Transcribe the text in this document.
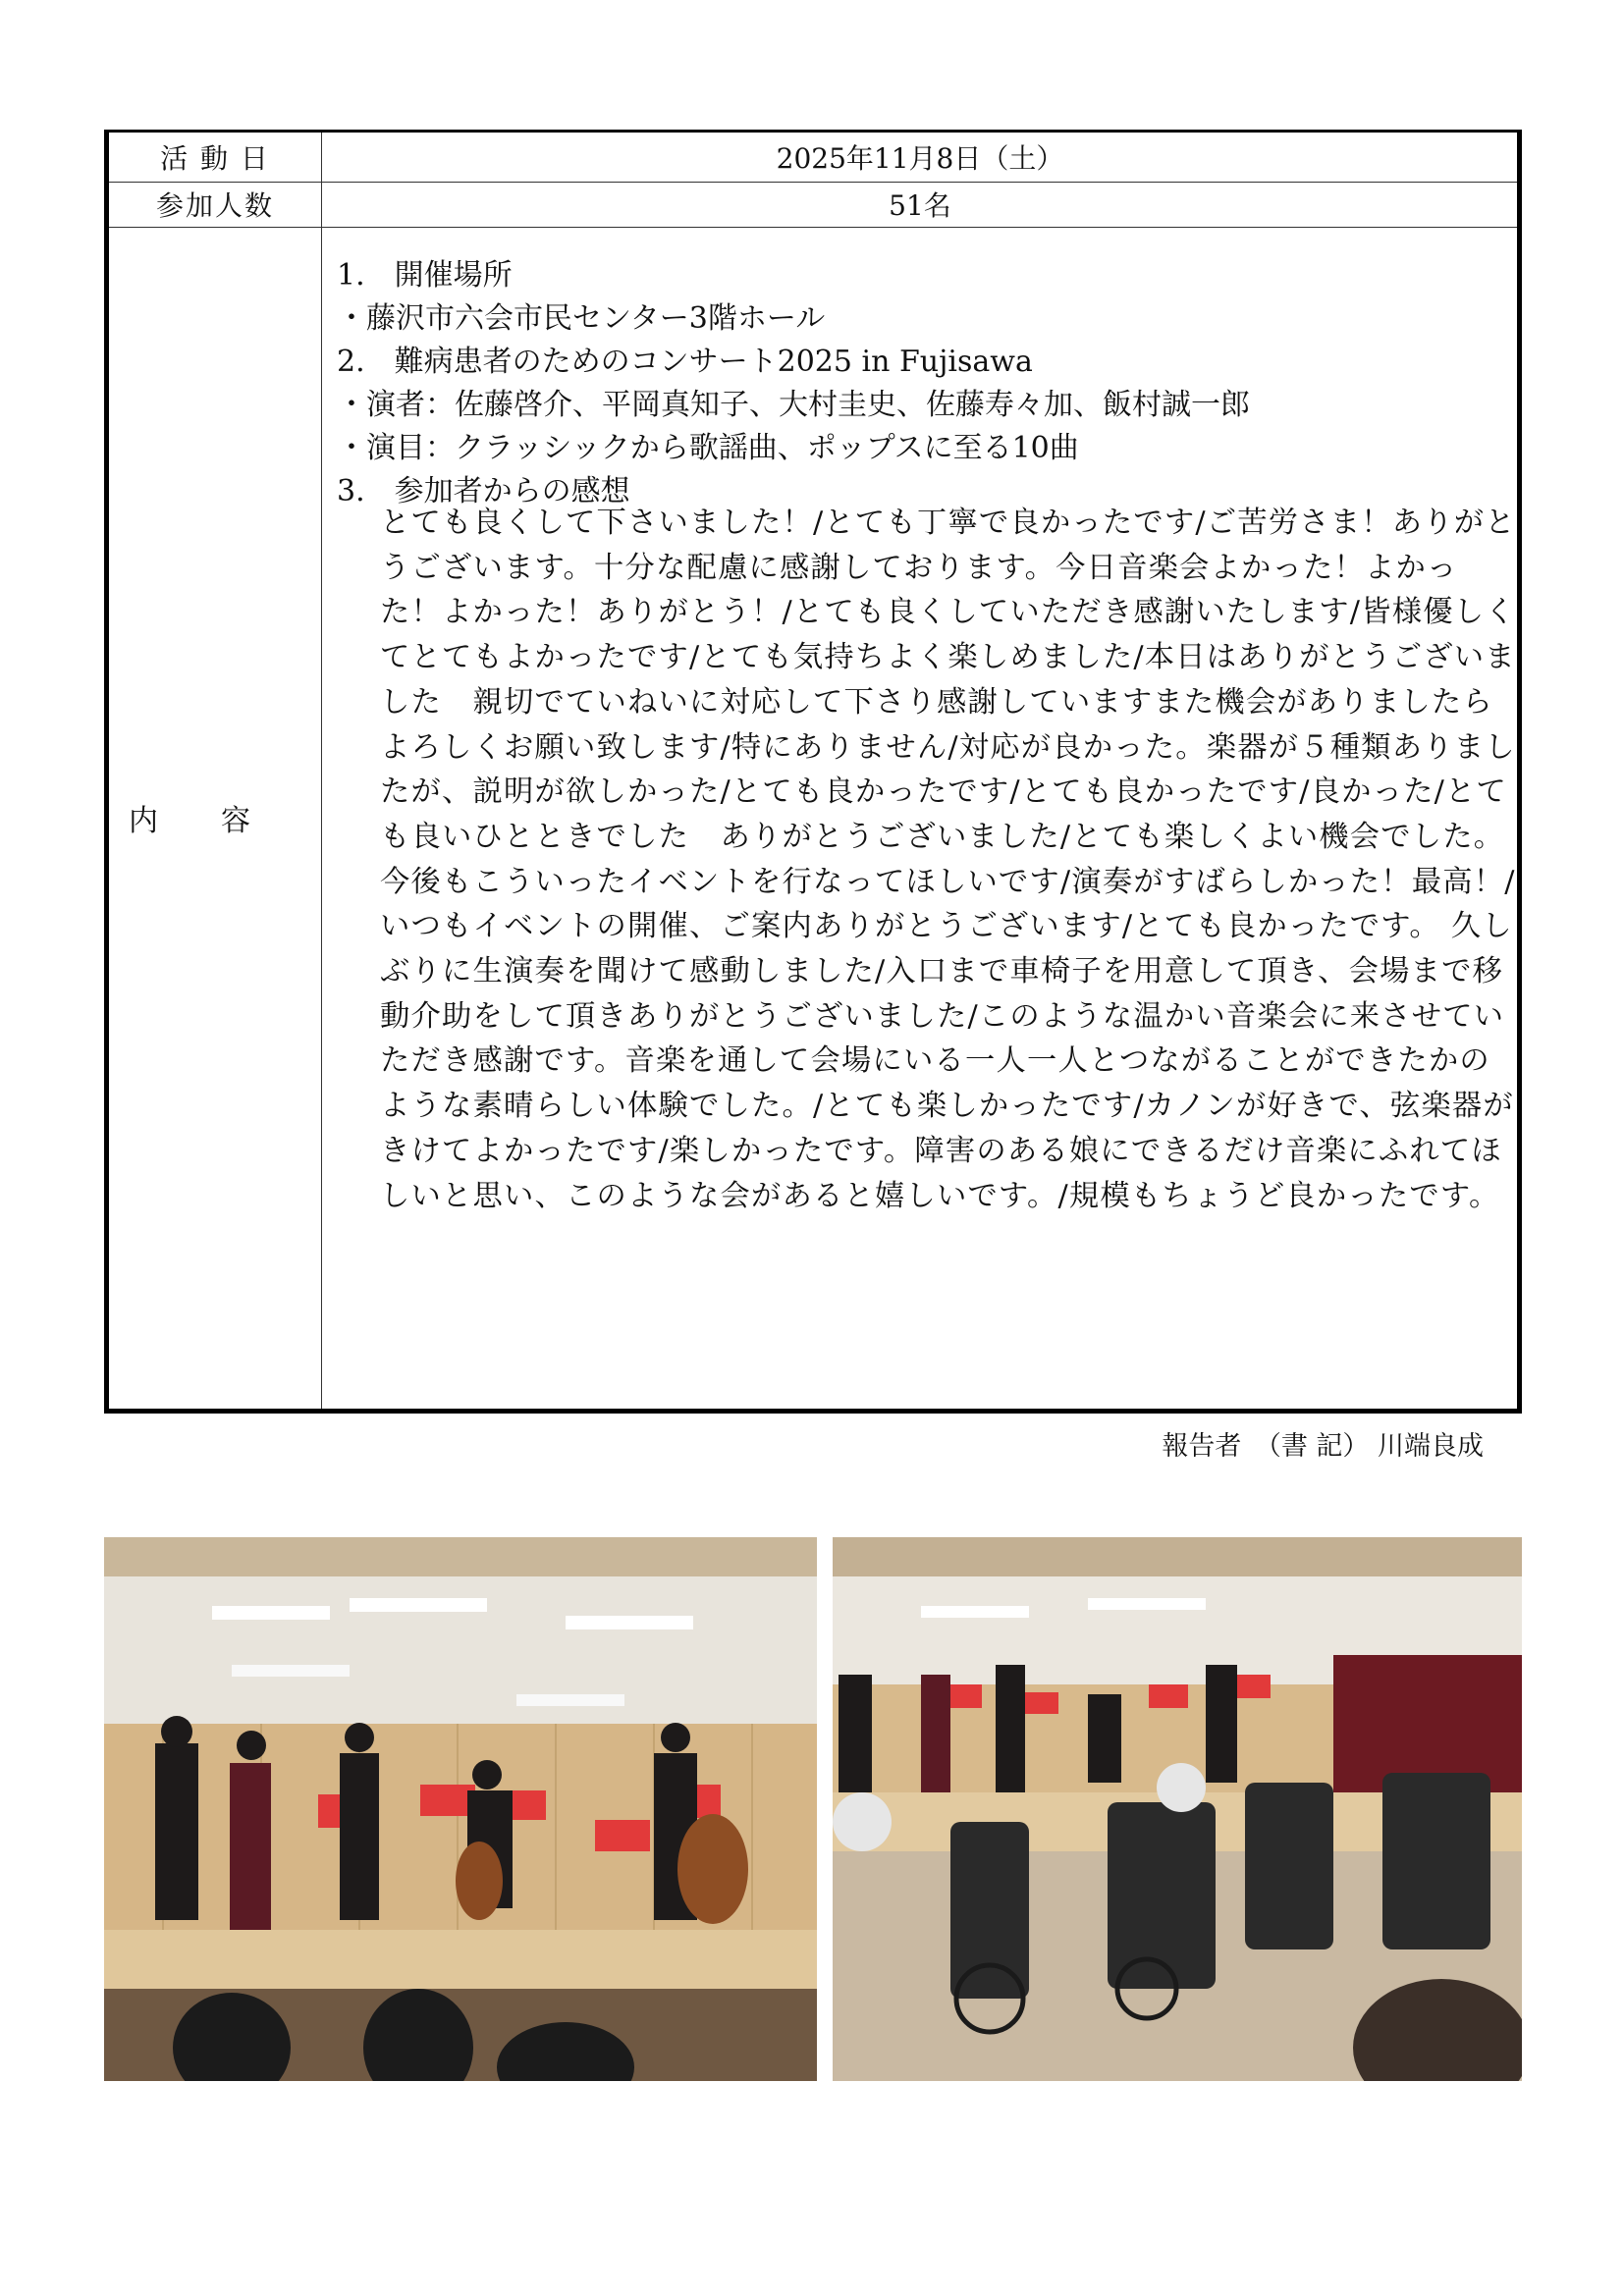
活 動 日	2025年11月8日（土）
参加人数	51名
内 容
1.　開催場所
・藤沢市六会市民センター3階ホール
2.　難病患者のためのコンサート2025 in Fujisawa
・演者：佐藤啓介、平岡真知子、大村圭史、佐藤寿々加、飯村誠一郎
・演目：クラッシックから歌謡曲、ポップスに至る10曲
3.　参加者からの感想
とても良くして下さいました！/とても丁寧で良かったです/ご苦労さま！ありがとうございます。十分な配慮に感謝しております。今日音楽会よかった！よかった！よかった！ありがとう！/とても良くしていただき感謝いたします/皆様優しくてとてもよかったです/とても気持ちよく楽しめました/本日はありがとうございました　親切でていねいに対応して下さり感謝していますまた機会がありましたらよろしくお願い致します/特にありません/対応が良かった。楽器が５種類ありましたが、説明が欲しかった/とても良かったです/とても良かったです/良かった/とても良いひとときでした　ありがとうございました/とても楽しくよい機会でした。 今後もこういったイベントを行なってほしいです/演奏がすばらしかった！最高！/いつもイベントの開催、ご案内ありがとうございます/とても良かったです。 久しぶりに生演奏を聞けて感動しました/入口まで車椅子を用意して頂き、会場まで移動介助をして頂きありがとうございました/このような温かい音楽会に来させていただき感謝です。音楽を通して会場にいる一人一人とつながることができたかのような素晴らしい体験でした。/とても楽しかったです/カノンが好きで、弦楽器がきけてよかったです/楽しかったです。障害のある娘にできるだけ音楽にふれてほしいと思い、このような会があると嬉しいです。/規模もちょうど良かったです。
報告者　（書 記） 川端良成
